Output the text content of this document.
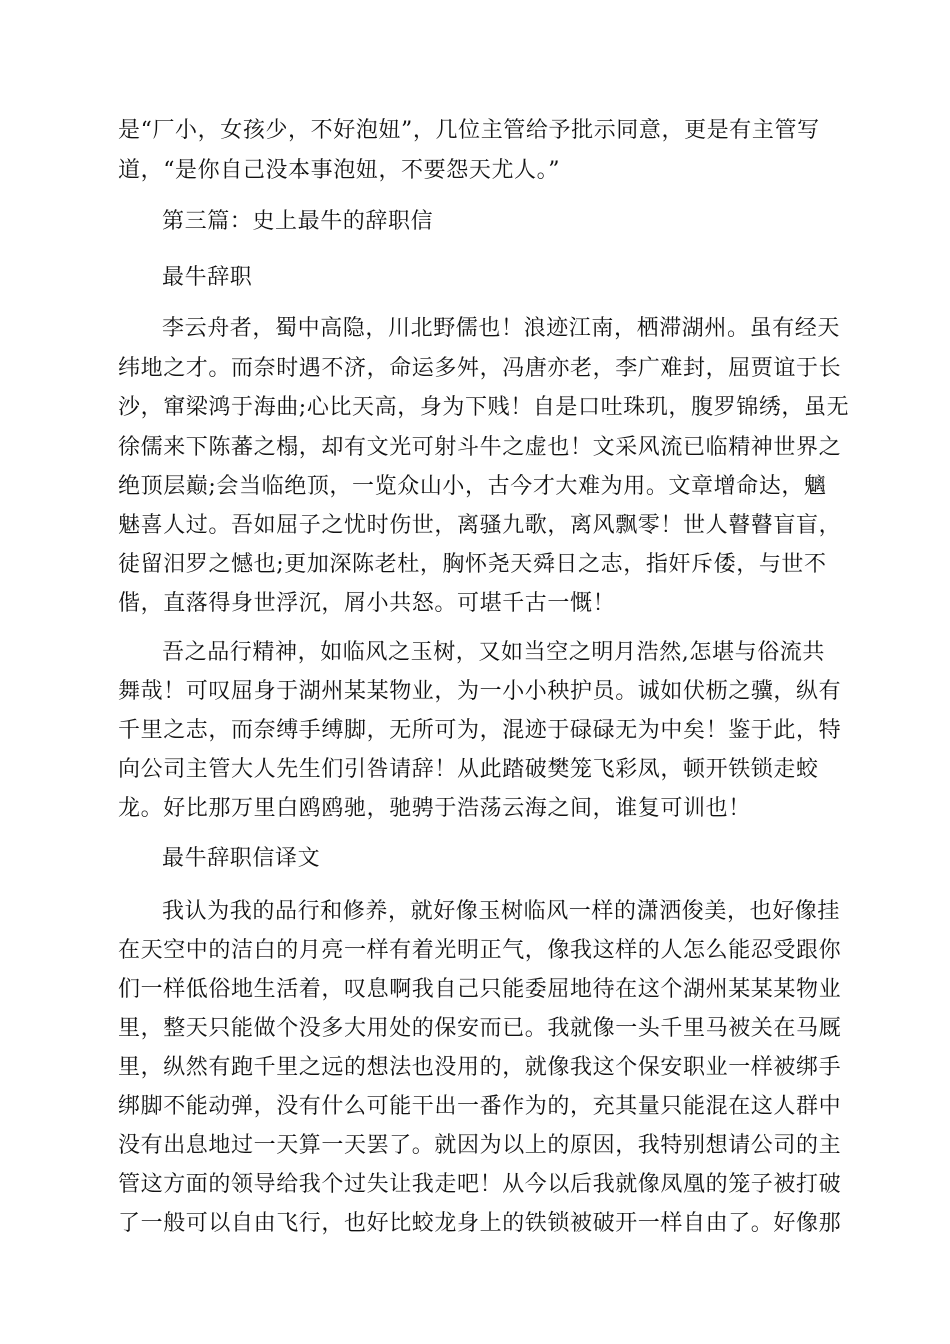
是“厂小，女孩少，不好泡妞”，几位主管给予批示同意，更是有主管写
道，“是你自己没本事泡妞，不要怨天尤人。”
第三篇：史上最牛的辞职信
最牛辞职
李云舟者，蜀中高隐，川北野儒也！浪迹江南，栖滞湖州。虽有经天
纬地之才。而奈时遇不济，命运多舛，冯唐亦老，李广难封，屈贾谊于长
沙，窜梁鸿于海曲;心比天高，身为下贱！自是口吐珠玑，腹罗锦绣，虽无
徐儒来下陈蕃之榻，却有文光可射斗牛之虚也！文采风流已临精神世界之
绝顶层巅;会当临绝顶，一览众山小，古今才大难为用。文章增命达，魑
魅喜人过。吾如屈子之忧时伤世，离骚九歌，离风飘零！世人瞽瞽盲盲，
徒留汨罗之憾也;更加深陈老杜，胸怀尧天舜日之志，指奸斥倭，与世不
偕，直落得身世浮沉，屑小共怒。可堪千古一慨！
吾之品行精神，如临风之玉树，又如当空之明月浩然,怎堪与俗流共
舞哉！可叹屈身于湖州某某物业，为一小小秧护员。诚如伏枥之骥，纵有
千里之志，而奈缚手缚脚，无所可为，混迹于碌碌无为中矣！鉴于此，特
向公司主管大人先生们引咎请辞！从此踏破樊笼飞彩凤，顿开铁锁走蛟
龙。好比那万里白鸥鸥驰，驰骋于浩荡云海之间，谁复可训也！
最牛辞职信译文
我认为我的品行和修养，就好像玉树临风一样的潇洒俊美，也好像挂
在天空中的洁白的月亮一样有着光明正气，像我这样的人怎么能忍受跟你
们一样低俗地生活着，叹息啊我自己只能委屈地待在这个湖州某某某物业
里，整天只能做个没多大用处的保安而已。我就像一头千里马被关在马厩
里，纵然有跑千里之远的想法也没用的，就像我这个保安职业一样被绑手
绑脚不能动弹，没有什么可能干出一番作为的，充其量只能混在这人群中
没有出息地过一天算一天罢了。就因为以上的原因，我特别想请公司的主
管这方面的领导给我个过失让我走吧！从今以后我就像凤凰的笼子被打破
了一般可以自由飞行，也好比蛟龙身上的铁锁被破开一样自由了。好像那
